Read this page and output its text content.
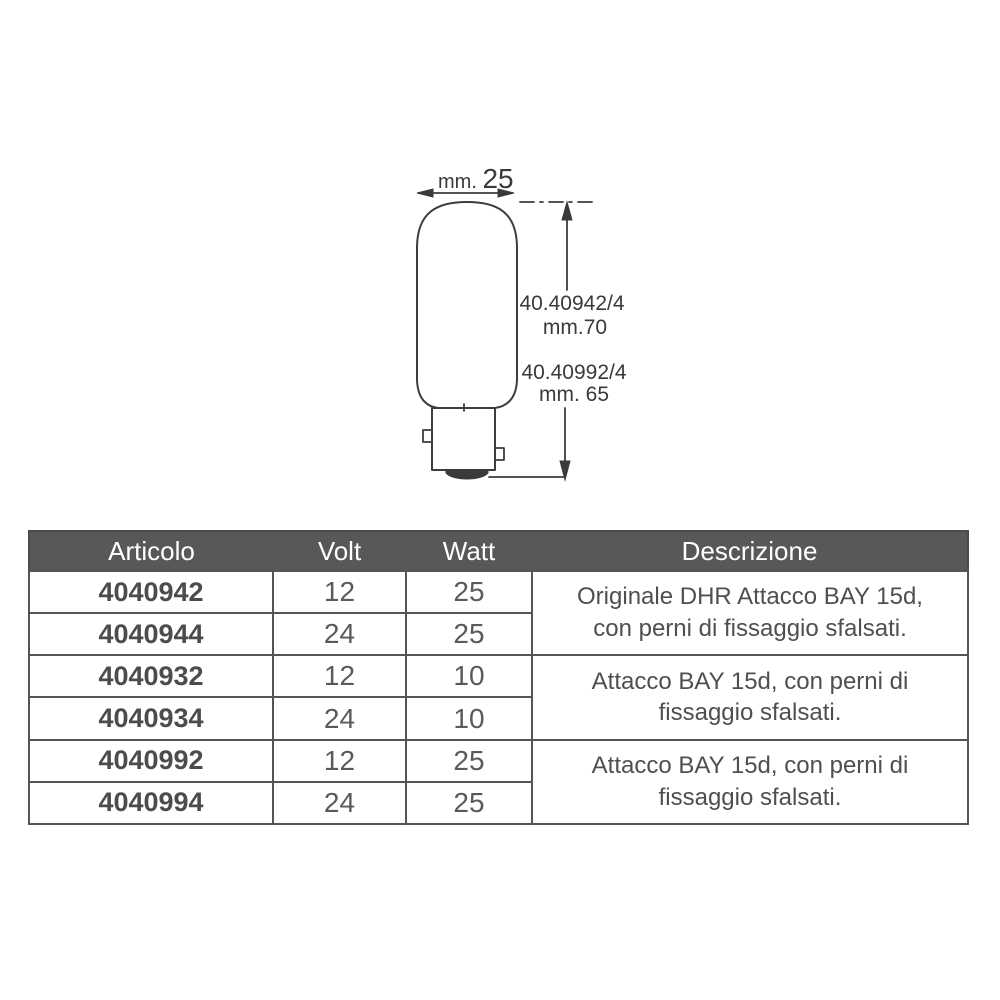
mm. 25
40.40942/4
mm.70
40.40992/4
mm. 65
Articolo	Volt	Watt	Descrizione
4040942	12	25	Originale DHR Attacco BAY 15d, con perni di fissaggio sfalsati.
4040944	24	25	
4040932	12	10	Attacco BAY 15d, con perni di fissaggio sfalsati.
4040934	24	10	
4040992	12	25	Attacco BAY 15d, con perni di fissaggio sfalsati.
4040994	24	25	
